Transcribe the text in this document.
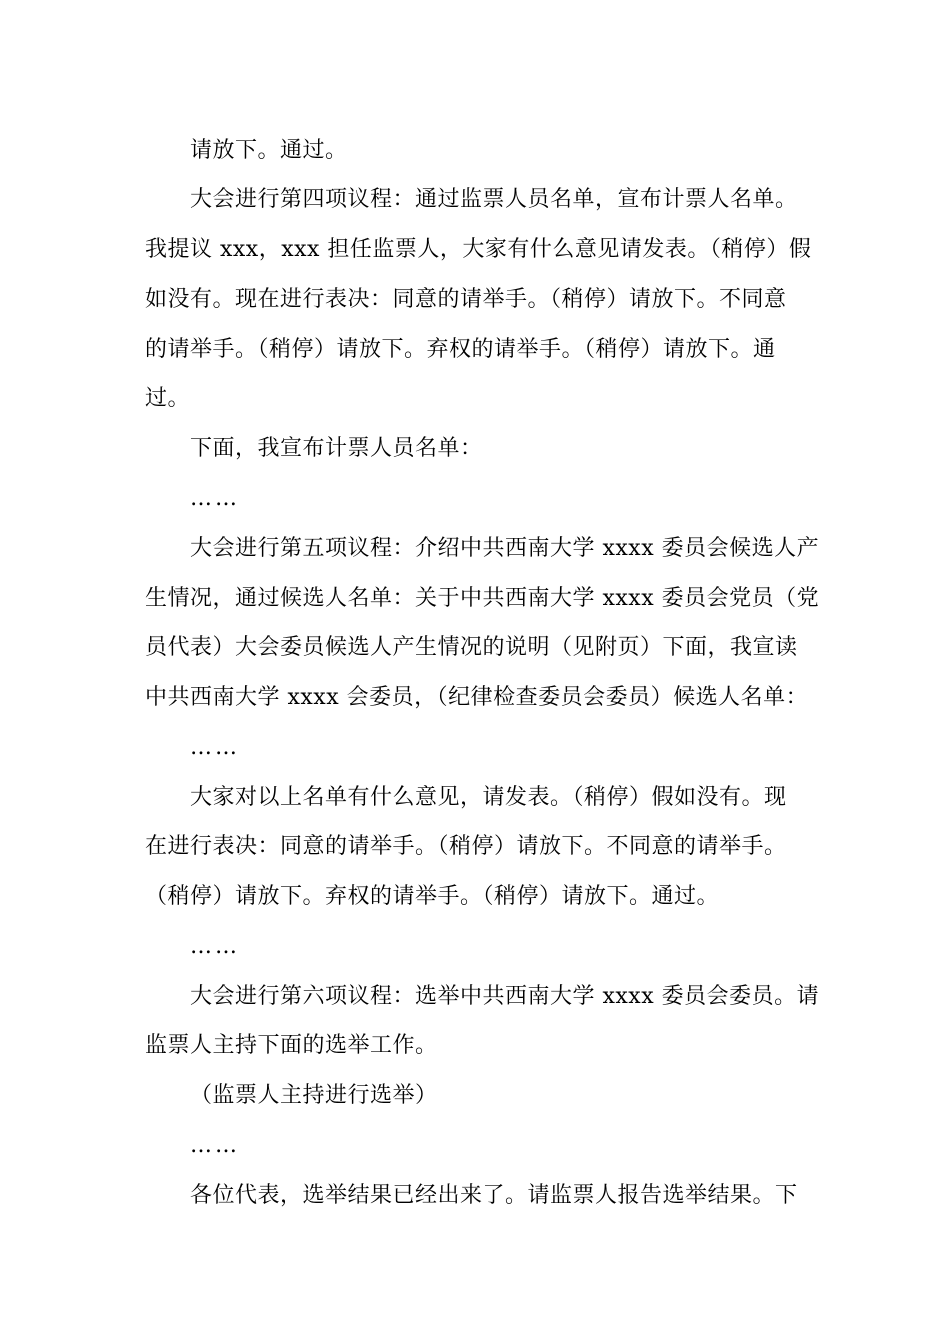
请放下。通过。
大会进行第四项议程：通过监票人员名单，宣布计票人名单。
我提议 xxx，xxx 担任监票人，大家有什么意见请发表。（稍停）假
如没有。现在进行表决：同意的请举手。（稍停）请放下。不同意
的请举手。（稍停）请放下。弃权的请举手。（稍停）请放下。通
过。
下面，我宣布计票人员名单：
……
大会进行第五项议程：介绍中共西南大学 xxxx 委员会候选人产
生情况，通过候选人名单：关于中共西南大学 xxxx 委员会党员（党
员代表）大会委员候选人产生情况的说明（见附页）下面，我宣读
中共西南大学 xxxx 会委员，（纪律检查委员会委员）候选人名单：
……
大家对以上名单有什么意见，请发表。（稍停）假如没有。现
在进行表决：同意的请举手。（稍停）请放下。不同意的请举手。
（稍停）请放下。弃权的请举手。（稍停）请放下。通过。
……
大会进行第六项议程：选举中共西南大学 xxxx 委员会委员。请
监票人主持下面的选举工作。
（监票人主持进行选举）
……
各位代表，选举结果已经出来了。请监票人报告选举结果。下
